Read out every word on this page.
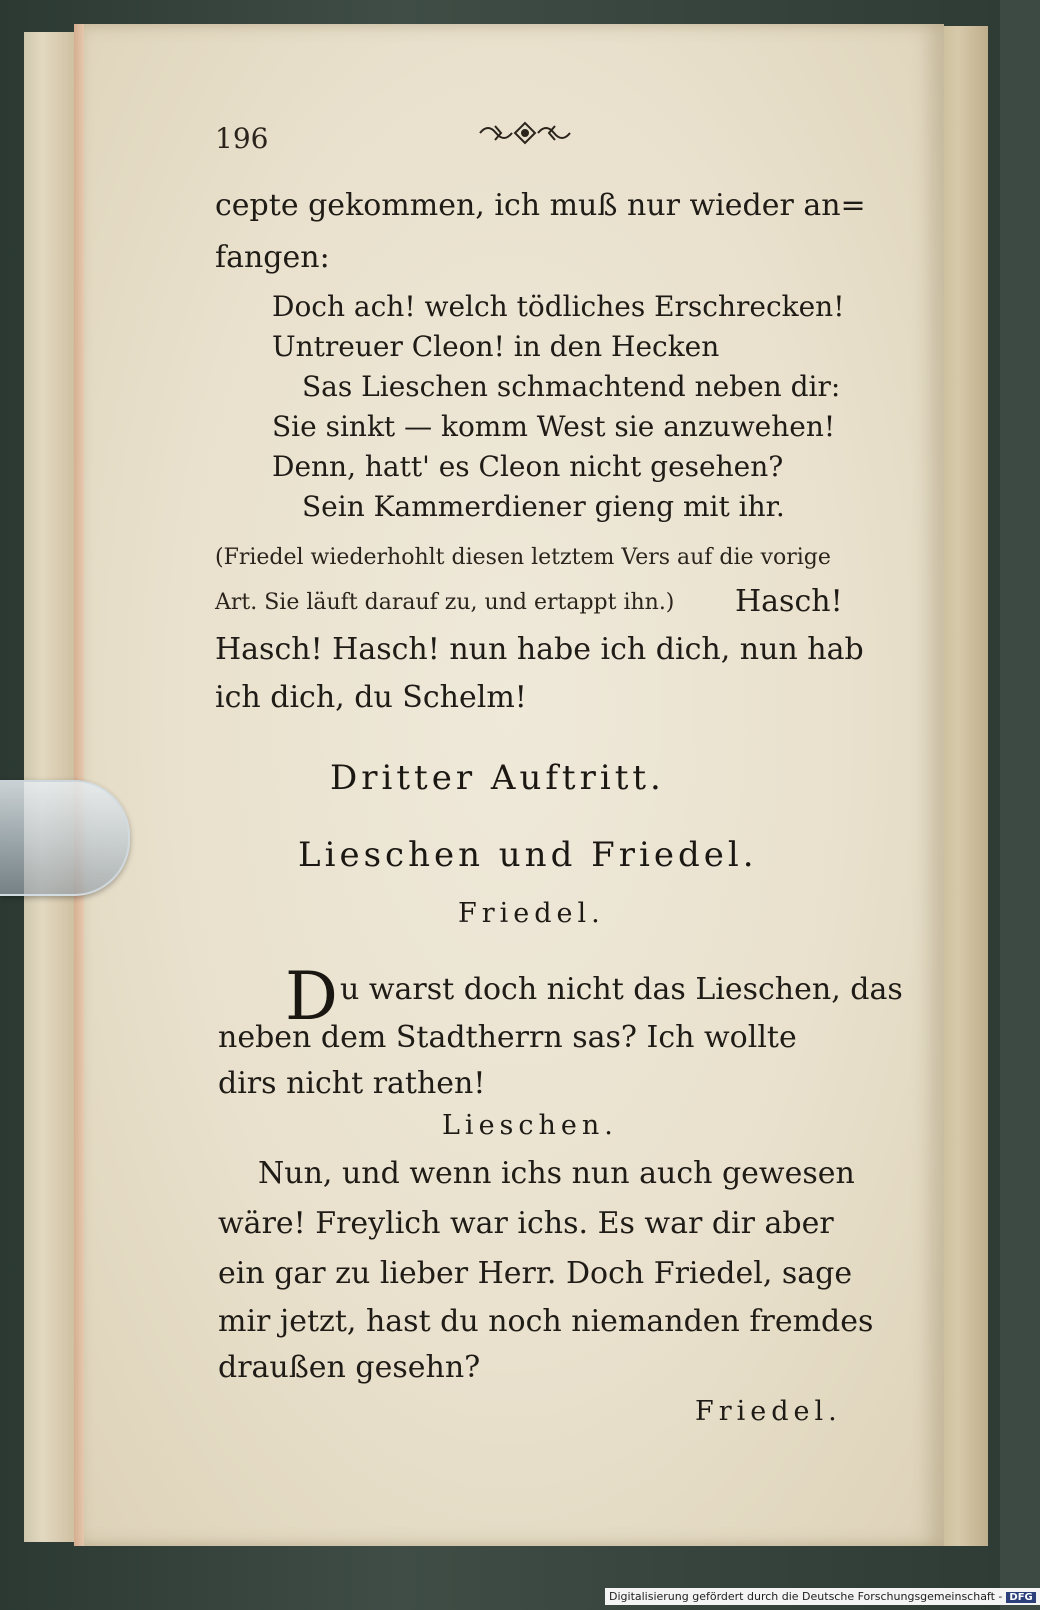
196
cepte gekommen, ich muß nur wieder an=
fangen:
Doch ach! welch tödliches Erschrecken!
Untreuer Cleon! in den Hecken
Sas Lieschen schmachtend neben dir:
Sie sinkt — komm West sie anzuwehen!
Denn, hatt' es Cleon nicht gesehen?
Sein Kammerdiener gieng mit ihr.
(Friedel wiederhohlt diesen letztem Vers auf die vorige
Art. Sie läuft darauf zu, und ertappt ihn.) Hasch!
Hasch! Hasch! nun habe ich dich, nun hab
ich dich, du Schelm!
Dritter Auftritt.
Lieschen und Friedel.
Friedel.
D u warst doch nicht das Lieschen, das
neben dem Stadtherrn sas? Ich wollte
dirs nicht rathen!
Lieschen.
Nun, und wenn ichs nun auch gewesen
wäre! Freylich war ichs. Es war dir aber
ein gar zu lieber Herr. Doch Friedel, sage
mir jetzt, hast du noch niemanden fremdes
draußen gesehn?
Friedel.
Digitalisierung gefördert durch die Deutsche Forschungsgemeinschaft - DFG
